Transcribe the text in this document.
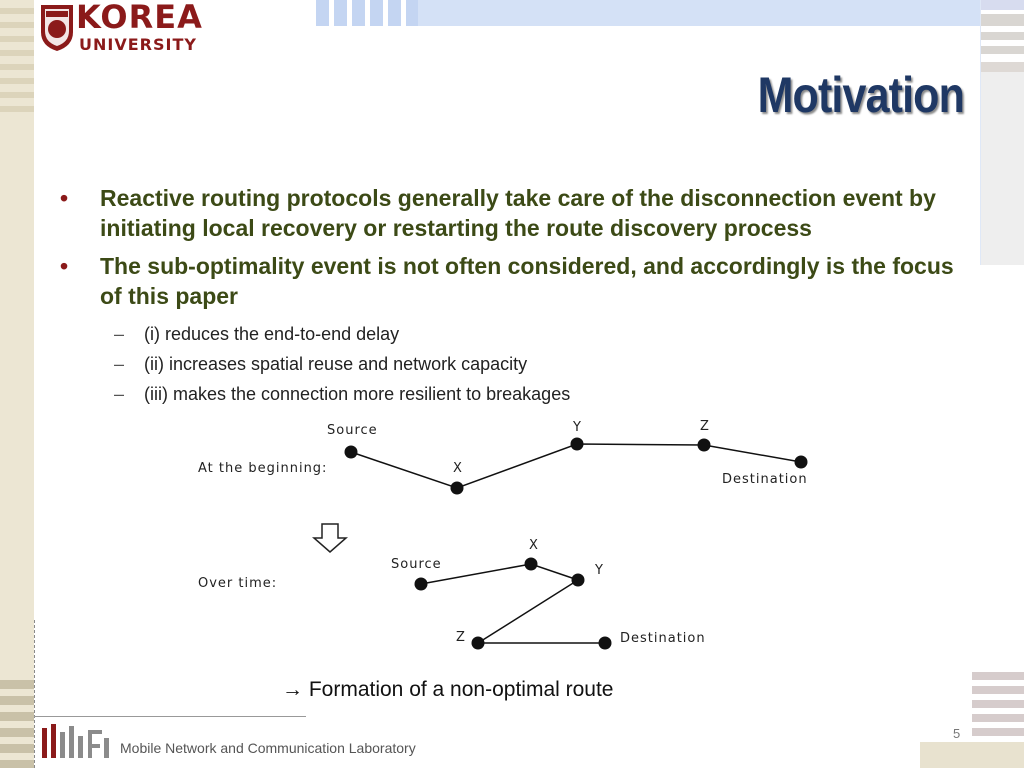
KOREA
UNIVERSITY
Motivation
• Reactive routing protocols generally take care of the disconnection event by initiating local recovery or restarting the route discovery process
• The sub-optimality event is not often considered, and accordingly is the focus of this paper
– (i) reduces the end-to-end delay
– (ii) increases spatial reuse and network capacity
– (iii) makes the connection more resilient to breakages
At the beginning:
Source
X
Y	Z
Destination
Over time:
Source
X
Y
Z	Destination
→ Formation of a non-optimal route
Mobile Network and Communication Laboratory
5
